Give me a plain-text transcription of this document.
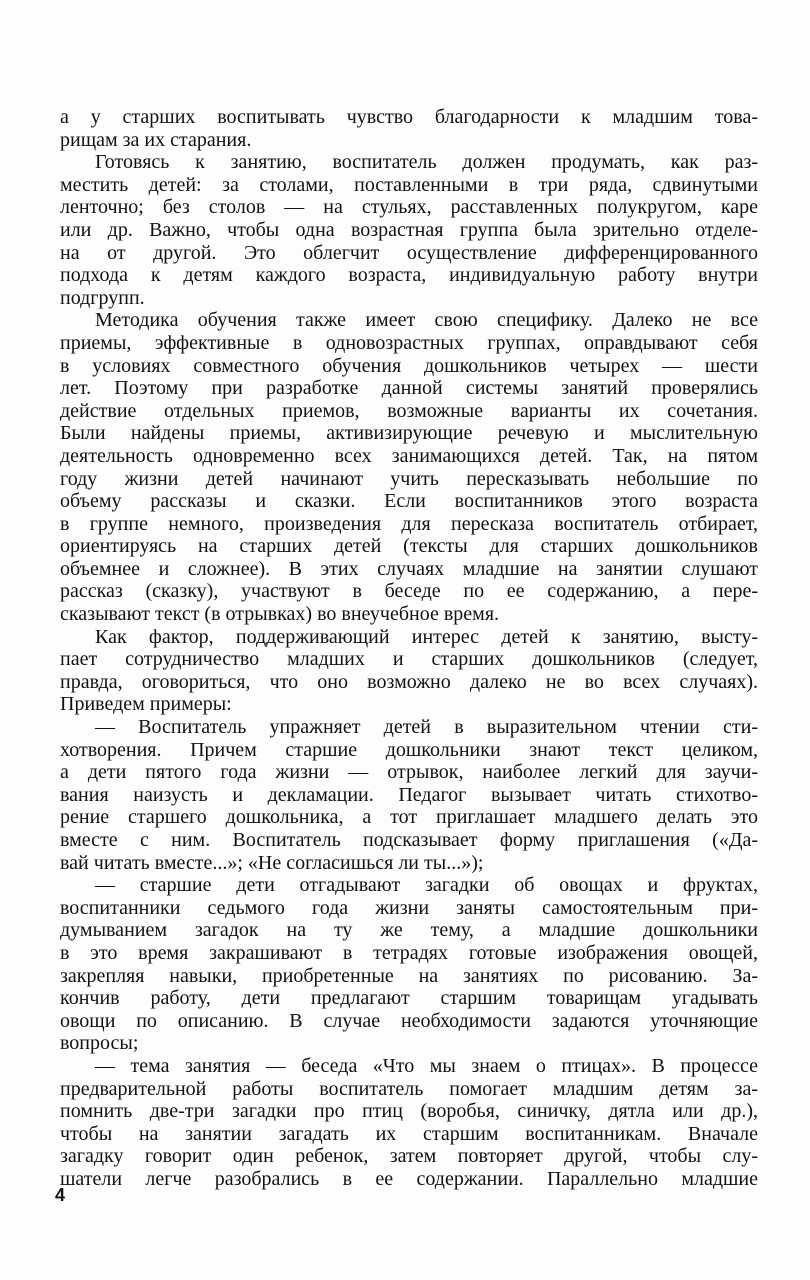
а у старших воспитывать чувство благодарности к младшим това-
рищам за их старания.
Готовясь к занятию, воспитатель должен продумать, как раз-
местить детей: за столами, поставленными в три ряда, сдвинутыми
ленточно; без столов — на стульях, расставленных полукругом, каре
или др. Важно, чтобы одна возрастная группа была зрительно отделе-
на от другой. Это облегчит осуществление дифференцированного
подхода к детям каждого возраста, индивидуальную работу внутри
подгрупп.
Методика обучения также имеет свою специфику. Далеко не все
приемы, эффективные в одновозрастных группах, оправдывают себя
в условиях совместного обучения дошкольников четырех — шести
лет. Поэтому при разработке данной системы занятий проверялись
действие отдельных приемов, возможные варианты их сочетания.
Были найдены приемы, активизирующие речевую и мыслительную
деятельность одновременно всех занимающихся детей. Так, на пятом
году жизни детей начинают учить пересказывать небольшие по
объему рассказы и сказки. Если воспитанников этого возраста
в группе немного, произведения для пересказа воспитатель отбирает,
ориентируясь на старших детей (тексты для старших дошкольников
объемнее и сложнее). В этих случаях младшие на занятии слушают
рассказ (сказку), участвуют в беседе по ее содержанию, а пере-
сказывают текст (в отрывках) во внеучебное время.
Как фактор, поддерживающий интерес детей к занятию, высту-
пает сотрудничество младших и старших дошкольников (следует,
правда, оговориться, что оно возможно далеко не во всех случаях).
Приведем примеры:
— Воспитатель упражняет детей в выразительном чтении сти-
хотворения. Причем старшие дошкольники знают текст целиком,
а дети пятого года жизни — отрывок, наиболее легкий для заучи-
вания наизусть и декламации. Педагог вызывает читать стихотво-
рение старшего дошкольника, а тот приглашает младшего делать это
вместе с ним. Воспитатель подсказывает форму приглашения («Да-
вай читать вместе...»; «Не согласишься ли ты...»);
— старшие дети отгадывают загадки об овощах и фруктах,
воспитанники седьмого года жизни заняты самостоятельным при-
думыванием загадок на ту же тему, а младшие дошкольники
в это время закрашивают в тетрадях готовые изображения овощей,
закрепляя навыки, приобретенные на занятиях по рисованию. За-
кончив работу, дети предлагают старшим товарищам угадывать
овощи по описанию. В случае необходимости задаются уточняющие
вопросы;
— тема занятия — беседа «Что мы знаем о птицах». В процессе
предварительной работы воспитатель помогает младшим детям за-
помнить две-три загадки про птиц (воробья, синичку, дятла или др.),
чтобы на занятии загадать их старшим воспитанникам. Вначале
загадку говорит один ребенок, затем повторяет другой, чтобы слу-
шатели легче разобрались в ее содержании. Параллельно младшие
4
